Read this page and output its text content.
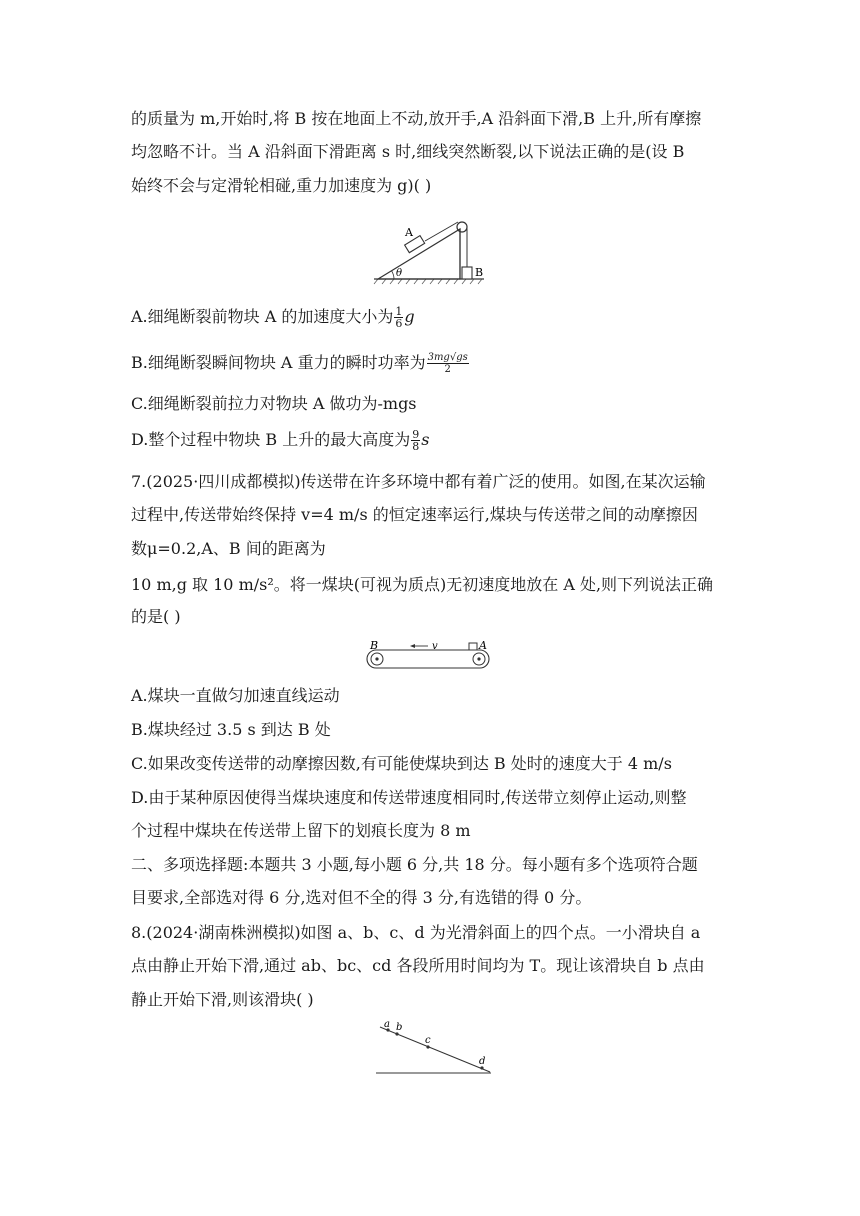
的质量为 m,开始时,将 B 按在地面上不动,放开手,A 沿斜面下滑,B 上升,所有摩擦
均忽略不计。当 A 沿斜面下滑距离 s 时,细线突然断裂,以下说法正确的是(设 B
始终不会与定滑轮相碰,重力加速度为 g)( )
θ
A
B
A.细绳断裂前物块 A 的加速度大小为 $\frac{1}{6}$ g
B.细绳断裂瞬间物块 A 重力的瞬时功率为 $\frac{3mg√gs}{2}$
C.细绳断裂前拉力对物块 A 做功为-mgs
D.整个过程中物块 B 上升的最大高度为 $\frac{9}{8}$ s
7.(2025·四川成都模拟)传送带在许多环境中都有着广泛的使用。如图,在某次运输
过程中,传送带始终保持 v=4 m/s 的恒定速率运行,煤块与传送带之间的动摩擦因
数μ=0.2,A、B 间的距离为
10 m,g 取 10 m/s²。将一煤块(可视为质点)无初速度地放在 A 处,则下列说法正确
的是( )
v
B	A
A.煤块一直做匀加速直线运动
B.煤块经过 3.5 s 到达 B 处
C.如果改变传送带的动摩擦因数,有可能使煤块到达 B 处时的速度大于 4 m/s
D.由于某种原因使得当煤块速度和传送带速度相同时,传送带立刻停止运动,则整
个过程中煤块在传送带上留下的划痕长度为 8 m
二、多项选择题:本题共 3 小题,每小题 6 分,共 18 分。每小题有多个选项符合题
目要求,全部选对得 6 分,选对但不全的得 3 分,有选错的得 0 分。
8.(2024·湖南株洲模拟)如图 a、b、c、d 为光滑斜面上的四个点。一小滑块自 a
点由静止开始下滑,通过 ab、bc、cd 各段所用时间均为 T。现让该滑块自 b 点由
静止开始下滑,则该滑块( )
a b
c
d
